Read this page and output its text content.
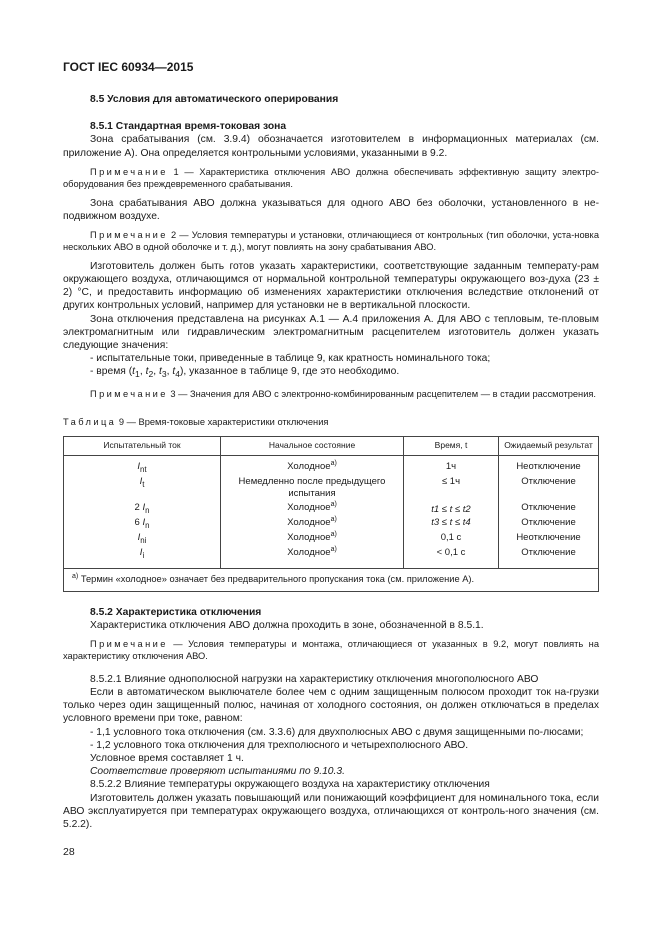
ГОСТ IEC 60934—2015

8.5 Условия для автоматического оперирования

8.5.1 Стандартная время-токовая зона

Зона срабатывания (см. 3.9.4) обозначается изготовителем в информационных материалах (см. приложение А). Она определяется контрольными условиями, указанными в 9.2.

Примечание 1 — Характеристика отключения АВО должна обеспечивать эффективную защиту электро-оборудования без преждевременного срабатывания.

Зона срабатывания АВО должна указываться для одного АВО без оболочки, установленного в не-подвижном воздухе.

Примечание 2 — Условия температуры и установки, отличающиеся от контрольных (тип оболочки, уста-новка нескольких АВО в одной оболочке и т. д.), могут повлиять на зону срабатывания АВО.

Изготовитель должен быть готов указать характеристики, соответствующие заданным температу-рам окружающего воздуха, отличающимся от нормальной контрольной температуры окружающего воз-духа (23 ± 2) °С, и предоставить информацию об изменениях характеристики отключения вследствие отклонений от других контрольных условий, например для установки не в вертикальной плоскости.

Зона отключения представлена на рисунках А.1 — А.4 приложения А. Для АВО с тепловым, те-пловым электромагнитным или гидравлическим электромагнитным расцепителем изготовитель должен указать следующие значения:

- испытательные токи, приведенные в таблице 9, как кратность номинального тока;

- время ($t_1$, $t_2$, $t_3$, $t_4$), указанное в таблице 9, где это необходимо.

Примечание 3 — Значения для АВО с электронно-комбинированным расцепителем — в стадии рассмотрения.

Таблица 9 — Время-токовые характеристики отключения
Испытательный ток	Начальное состояние	Время, t	Ожидаемый результат
$I_{nt}$	Холодное$^{а)}$	1ч	Неотключение
$I_t$	Немедленно после предыдущего испытания	≤ 1ч	Отключение
2 $I_n$	Холодное$^{а)}$	t1 ≤ t ≤ t2	Отключение
6 $I_n$	Холодное$^{а)}$	t3 ≤ t ≤ t4	Отключение
$I_{ni}$	Холодное$^{а)}$	0,1 с	Неотключение
$I_i$	Холодное$^{а)}$	< 0,1 с	Отключение
$^{а)}$ Термин «холодное» означает без предварительного пропускания тока (см. приложение А).			

8.5.2 Характеристика отключения

Характеристика отключения АВО должна проходить в зоне, обозначенной в 8.5.1.

Примечание — Условия температуры и монтажа, отличающиеся от указанных в 9.2, могут повлиять на характеристику отключения АВО.

8.5.2.1 Влияние однополюсной нагрузки на характеристику отключения многополюсного АВО

Если в автоматическом выключателе более чем с одним защищенным полюсом проходит ток на-грузки только через один защищенный полюс, начиная от холодного состояния, он должен отключаться в пределах условного времени при токе, равном:

- 1,1 условного тока отключения (см. 3.3.6) для двухполюсных АВО с двумя защищенными по-люсами;

- 1,2 условного тока отключения для трехполюсного и четырехполюсного АВО.

Условное время составляет 1 ч.

Соответствие проверяют испытаниями по 9.10.3.

8.5.2.2 Влияние температуры окружающего воздуха на характеристику отключения

Изготовитель должен указать повышающий или понижающий коэффициент для номинального тока, если АВО эксплуатируется при температурах окружающего воздуха, отличающихся от контроль-ного значения (см. 5.2.2).

28
